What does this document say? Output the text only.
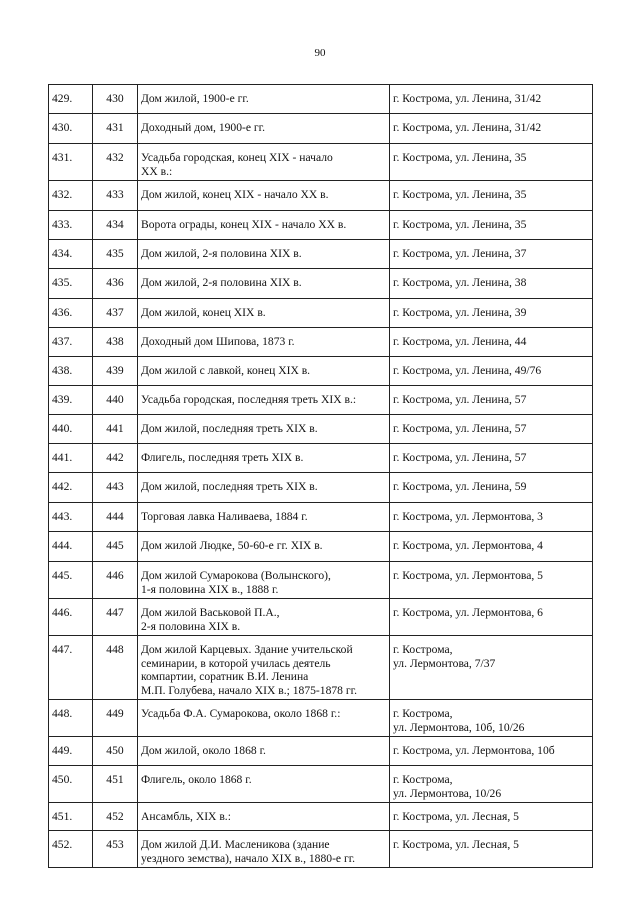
90
429.	430	Дом жилой, 1900-е гг.	г. Кострома, ул. Ленина, 31/42
430.	431	Доходный дом, 1900-е гг.	г. Кострома, ул. Ленина, 31/42
431.	432	Усадьба городская, конец XIX - начало
XX в.:	г. Кострома, ул. Ленина, 35
432.	433	Дом жилой, конец XIX - начало XX в.	г. Кострома, ул. Ленина, 35
433.	434	Ворота ограды, конец XIX - начало XX в.	г. Кострома, ул. Ленина, 35
434.	435	Дом жилой, 2-я половина XIX в.	г. Кострома, ул. Ленина, 37
435.	436	Дом жилой, 2-я половина XIX в.	г. Кострома, ул. Ленина, 38
436.	437	Дом жилой, конец XIX в.	г. Кострома, ул. Ленина, 39
437.	438	Доходный дом Шипова, 1873 г.	г. Кострома, ул. Ленина, 44
438.	439	Дом жилой с лавкой, конец XIX в.	г. Кострома, ул. Ленина, 49/76
439.	440	Усадьба городская, последняя треть XIX в.:	г. Кострома, ул. Ленина, 57
440.	441	Дом жилой, последняя треть XIX в.	г. Кострома, ул. Ленина, 57
441.	442	Флигель, последняя треть XIX в.	г. Кострома, ул. Ленина, 57
442.	443	Дом жилой, последняя треть XIX в.	г. Кострома, ул. Ленина, 59
443.	444	Торговая лавка Наливаева, 1884 г.	г. Кострома, ул. Лермонтова, 3
444.	445	Дом жилой Людке, 50-60-е гг. XIX в.	г. Кострома, ул. Лермонтова, 4
445.	446	Дом жилой Сумарокова (Волынского),
1-я половина XIX в., 1888 г.	г. Кострома, ул. Лермонтова, 5
446.	447	Дом жилой Васьковой П.А.,
2-я половина XIX в.	г. Кострома, ул. Лермонтова, 6
447.	448	Дом жилой Карцевых. Здание учительской
семинарии, в которой училась деятель
компартии, соратник В.И. Ленина
М.П. Голубева, начало XIX в.; 1875-1878 гг.	г. Кострома,
ул. Лермонтова, 7/37
448.	449	Усадьба Ф.А. Сумарокова, около 1868 г.:	г. Кострома,
ул. Лермонтова, 10б, 10/26
449.	450	Дом жилой, около 1868 г.	г. Кострома, ул. Лермонтова, 10б
450.	451	Флигель, около 1868 г.	г. Кострома,
ул. Лермонтова, 10/26
451.	452	Ансамбль, XIX в.:	г. Кострома, ул. Лесная, 5
452.	453	Дом жилой Д.И. Масленикова (здание
уездного земства), начало XIX в., 1880-е гг.	г. Кострома, ул. Лесная, 5
